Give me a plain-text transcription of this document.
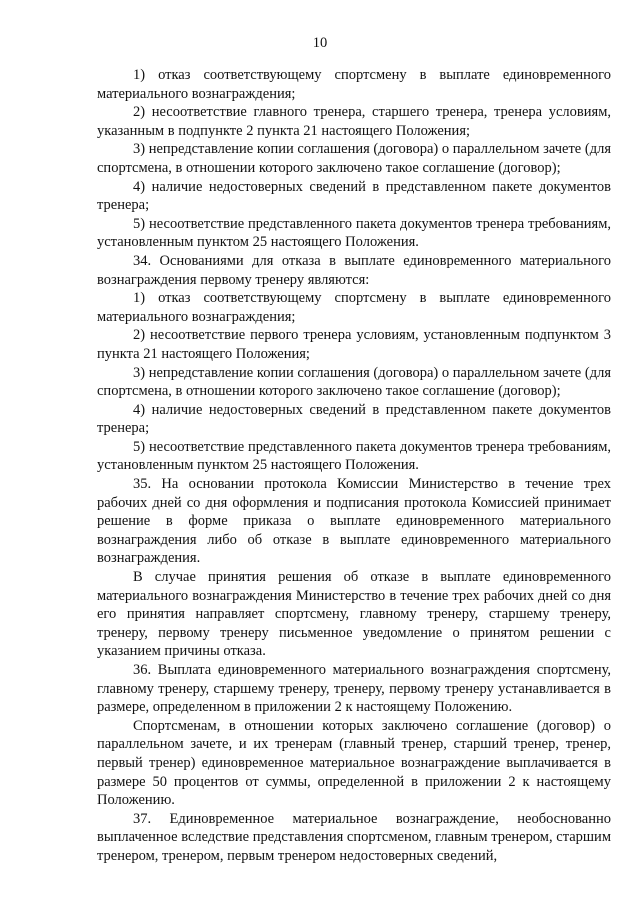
10

1) отказ соответствующему спортсмену в выплате единовременного материального вознаграждения;

2) несоответствие главного тренера, старшего тренера, тренера условиям, указанным в подпункте 2 пункта 21 настоящего Положения;

3) непредставление копии соглашения (договора) о параллельном зачете (для спортсмена, в отношении которого заключено такое соглашение (договор);

4) наличие недостоверных сведений в представленном пакете документов тренера;

5) несоответствие представленного пакета документов тренера требованиям, установленным пунктом 25 настоящего Положения.

34. Основаниями для отказа в выплате единовременного материального вознаграждения первому тренеру являются:

1) отказ соответствующему спортсмену в выплате единовременного материального вознаграждения;

2) несоответствие первого тренера условиям, установленным подпунктом 3 пункта 21 настоящего Положения;

3) непредставление копии соглашения (договора) о параллельном зачете (для спортсмена, в отношении которого заключено такое соглашение (договор);

4) наличие недостоверных сведений в представленном пакете документов тренера;

5) несоответствие представленного пакета документов тренера требованиям, установленным пунктом 25 настоящего Положения.

35. На основании протокола Комиссии Министерство в течение трех рабочих дней со дня оформления и подписания протокола Комиссией принимает решение в форме приказа о выплате единовременного материального вознаграждения либо об отказе в выплате единовременного материального вознаграждения.

В случае принятия решения об отказе в выплате единовременного материального вознаграждения Министерство в течение трех рабочих дней со дня его принятия направляет спортсмену, главному тренеру, старшему тренеру, тренеру, первому тренеру письменное уведомление о принятом решении с указанием причины отказа.

36. Выплата единовременного материального вознаграждения спортсмену, главному тренеру, старшему тренеру, тренеру, первому тренеру устанавливается в размере, определенном в приложении 2 к настоящему Положению.

Спортсменам, в отношении которых заключено соглашение (договор) о параллельном зачете, и их тренерам (главный тренер, старший тренер, тренер, первый тренер) единовременное материальное вознаграждение выплачивается в размере 50 процентов от суммы, определенной в приложении 2 к настоящему Положению.

37. Единовременное материальное вознаграждение, необоснованно выплаченное вследствие представления спортсменом, главным тренером, старшим тренером, тренером, первым тренером недостоверных сведений,
